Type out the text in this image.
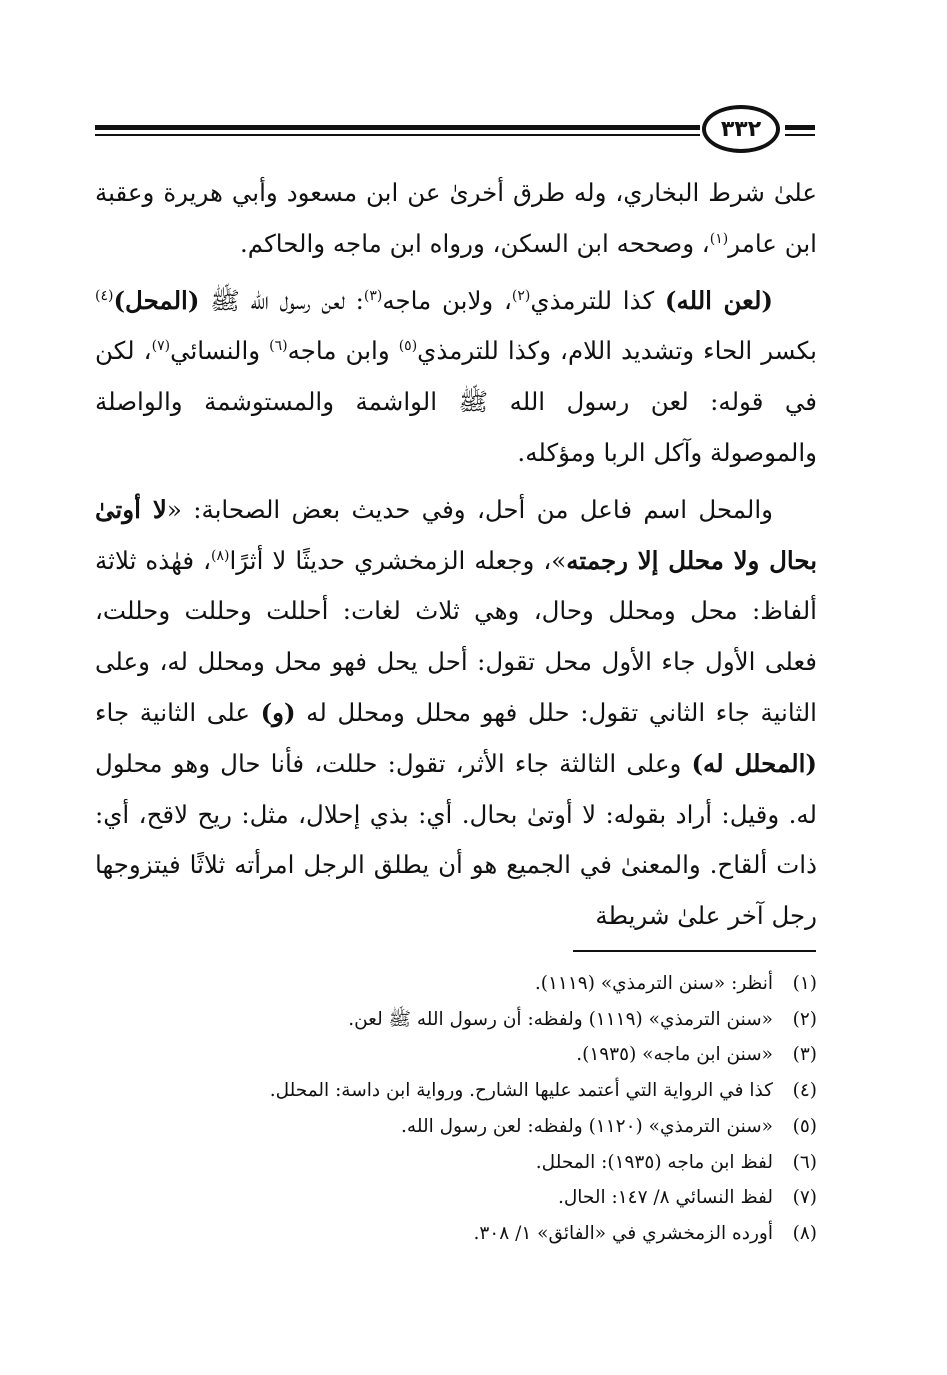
٣٣٢

علىٰ شرط البخاري، وله طرق أخرىٰ عن ابن مسعود وأبي هريرة وعقبة ابن عامر$^{(١)}$، وصححه ابن السكن، ورواه ابن ماجه والحاكم.

(لعن الله) كذا للترمذي$^{(٢)}$، ولابن ماجه$^{(٣)}$: لعن رسول الله ﷺ (المحل)$^{(٤)}$ بكسر الحاء وتشديد اللام، وكذا للترمذي$^{(٥)}$ وابن ماجه$^{(٦)}$ والنسائي$^{(٧)}$، لكن في قوله: لعن رسول الله ﷺ الواشمة والمستوشمة والواصلة والموصولة وآكل الربا ومؤكله.

والمحل اسم فاعل من أحل، وفي حديث بعض الصحابة: «لا أوتىٰ بحال ولا محلل إلا رجمته»، وجعله الزمخشري حديثًا لا أثرًا$^{(٨)}$، فهٰذه ثلاثة ألفاظ: محل ومحلل وحال، وهي ثلاث لغات: أحللت وحللت وحللت، فعلى الأول جاء الأول محل تقول: أحل يحل فهو محل ومحلل له، وعلى الثانية جاء الثاني تقول: حلل فهو محلل ومحلل له (و) على الثانية جاء (المحلل له) وعلى الثالثة جاء الأثر، تقول: حللت، فأنا حال وهو محلول له. وقيل: أراد بقوله: لا أوتىٰ بحال. أي: بذي إحلال، مثل: ريح لاقح، أي: ذات ألقاح. والمعنىٰ في الجميع هو أن يطلق الرجل امرأته ثلاثًا فيتزوجها رجل آخر علىٰ شريطة

(١)أنظر: «سنن الترمذي» (١١١٩).
(٢)«سنن الترمذي» (١١١٩) ولفظه: أن رسول الله ﷺ لعن.
(٣)«سنن ابن ماجه» (١٩٣٥).
(٤)كذا في الرواية التي أعتمد عليها الشارح. ورواية ابن داسة: المحلل.
(٥)«سنن الترمذي» (١١٢٠) ولفظه: لعن رسول الله.
(٦)لفظ ابن ماجه (١٩٣٥): المحلل.
(٧)لفظ النسائي ٨/ ١٤٧: الحال.
(٨)أورده الزمخشري في «الفائق» ١/ ٣٠٨.
